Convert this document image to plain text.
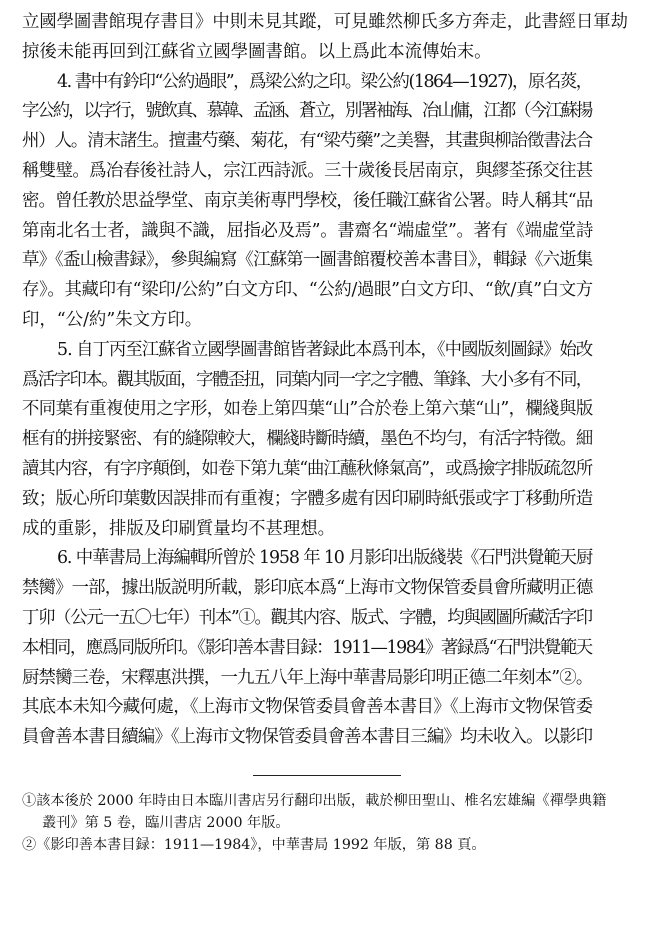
立國學圖書館現存書目》中則未見其蹤，可見雖然柳氏多方奔走，此書經日軍劫
掠後未能再回到江蘇省立國學圖書館。以上爲此本流傳始末。

4. 書中有鈐印“公約過眼”，爲梁公約之印。梁公約(1864—1927)，原名菼，
字公約，以字行，號飲真、慕韓、孟涵、蒼立，別署袖海、冶山傭，江都（今江蘇揚
州）人。清末諸生。擅畫芍藥、菊花，有“梁芍藥”之美譽，其畫與柳詒徵書法合
稱雙璧。爲冶春後社詩人，宗江西詩派。三十歲後長居南京，與繆荃孫交往甚
密。曾任教於思益學堂、南京美術專門學校，後任職江蘇省公署。時人稱其“品
第南北名士者，識與不識，屈指必及焉”。書齋名“端虛堂”。著有《端虛堂詩
草》《盉山檢書録》，參與編寫《江蘇第一圖書館覆校善本書目》，輯録《六逝集
存》。其藏印有“梁印/公約”白文方印、“公約/過眼”白文方印、“飲/真”白文方
印，“公/約”朱文方印。

5. 自丁丙至江蘇省立國學圖書館皆著録此本爲刊本，《中國版刻圖録》始改
爲活字印本。觀其版面，字體歪扭，同葉内同一字之字體、筆鋒、大小多有不同，
不同葉有重複使用之字形，如卷上第四葉“山”合於卷上第六葉“山”，欄綫與版
框有的拼接緊密、有的縫隙較大，欄綫時斷時續，墨色不均勻，有活字特徵。細
讀其内容，有字序顛倒，如卷下第九葉“曲江蘸秋條氣高”，或爲撿字排版疏忽所
致；版心所印葉數因誤排而有重複；字體多處有因印刷時紙張或字丁移動所造
成的重影，排版及印刷質量均不甚理想。

6. 中華書局上海編輯所曾於 1958 年 10 月影印出版綫裝《石門洪覺範天厨
禁臠》一部，據出版説明所載，影印底本爲“上海市文物保管委員會所藏明正德
丁卯（公元一五〇七年）刊本”①。觀其内容、版式、字體，均與國圖所藏活字印
本相同，應爲同版所印。《影印善本書目録：1911—1984》著録爲“石門洪覺範天
厨禁臠三卷，宋釋惠洪撰，一九五八年上海中華書局影印明正德二年刻本”②。
其底本未知今藏何處，《上海市文物保管委員會善本書目》《上海市文物保管委
員會善本書目續編》《上海市文物保管委員會善本書目三編》均未收入。以影印

①該本後於 2000 年時由日本臨川書店另行翻印出版，載於柳田聖山、椎名宏雄編《禪學典籍
叢刊》第 5 卷，臨川書店 2000 年版。

②《影印善本書目録：1911—1984》，中華書局 1992 年版，第 88 頁。
